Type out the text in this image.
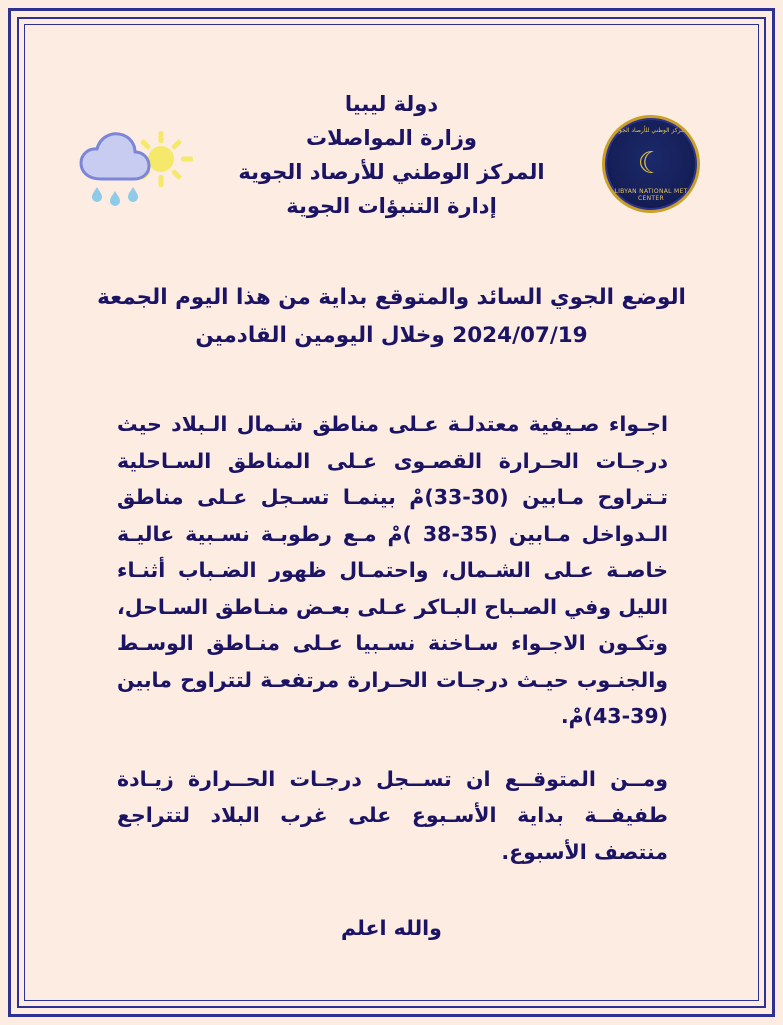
المركز الوطني للأرصاد الجوية
☾
LIBYAN NATIONAL MET CENTER
دولة ليبيا
وزارة المواصلات
المركز الوطني للأرصاد الجوية
إدارة التنبؤات الجوية
الوضع الجوي السائد والمتوقع بداية من هذا اليوم الجمعة
2024/07/19 وخلال اليومين القادمين

اجـواء صـيفية معتدلـة عـلى مناطق شـمال الـبلاد حيث درجـات الحـرارة القصـوى عـلى المناطق السـاحلية تـتراوح مـابين (30-33)مْ بينمـا تسـجل عـلى مناطق الـدواخل مـابين (35-38 )مْ مـع رطوبـة نسـبية عاليـة خاصـة عـلى الشـمال، واحتمـال ظهور الضـباب أثنـاء الليل وفي الصـباح البـاكر عـلى بعـض منـاطق السـاحل، وتكـون الاجـواء سـاخنة نسـبيا عـلى منـاطق الوسـط والجنـوب حيـث درجـات الحـرارة مرتفعـة لتتراوح مابين (39-43)مْ.

ومــن المتوقــع ان تســجل درجـات الحــرارة زيـادة طفيفــة بداية الأسـبوع على غرب البلاد لتتراجع منتصف الأسبوع.

والله اعلم
